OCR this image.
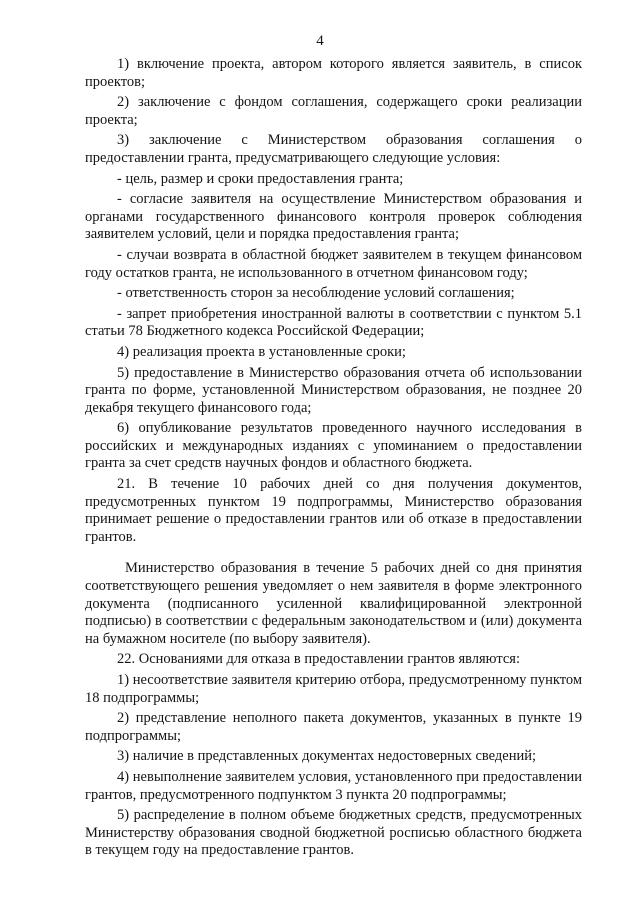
4

1) включение проекта, автором которого является заявитель, в список проектов;

2) заключение с фондом соглашения, содержащего сроки реализации проекта;

3) заключение с Министерством образования соглашения о предоставлении гранта, предусматривающего следующие условия:

- цель, размер и сроки предоставления гранта;

- согласие заявителя на осуществление Министерством образования и органами государственного финансового контроля проверок соблюдения заявителем условий, цели и порядка предоставления гранта;

- случаи возврата в областной бюджет заявителем в текущем финансовом году остатков гранта, не использованного в отчетном финансовом году;

- ответственность сторон за несоблюдение условий соглашения;

- запрет приобретения иностранной валюты в соответствии с пунктом 5.1 статьи 78 Бюджетного кодекса Российской Федерации;

4) реализация проекта в установленные сроки;

5) предоставление в Министерство образования отчета об использовании гранта по форме, установленной Министерством образования, не позднее 20 декабря текущего финансового года;

6) опубликование результатов проведенного научного исследования в российских и международных изданиях с упоминанием о предоставлении гранта за счет средств научных фондов и областного бюджета.

21. В течение 10 рабочих дней со дня получения документов, предусмотренных пунктом 19 подпрограммы, Министерство образования принимает решение о предоставлении грантов или об отказе в предоставлении грантов.

Министерство образования в течение 5 рабочих дней со дня принятия соответствующего решения уведомляет о нем заявителя в форме электронного документа (подписанного усиленной квалифицированной электронной подписью) в соответствии с федеральным законодательством и (или) документа на бумажном носителе (по выбору заявителя).

22. Основаниями для отказа в предоставлении грантов являются:

1) несоответствие заявителя критерию отбора, предусмотренному пунктом 18 подпрограммы;

2) представление неполного пакета документов, указанных в пункте 19 подпрограммы;

3) наличие в представленных документах недостоверных сведений;

4) невыполнение заявителем условия, установленного при предоставлении грантов, предусмотренного подпунктом 3 пункта 20 подпрограммы;

5) распределение в полном объеме бюджетных средств, предусмотренных Министерству образования сводной бюджетной росписью областного бюджета в текущем году на предоставление грантов.
